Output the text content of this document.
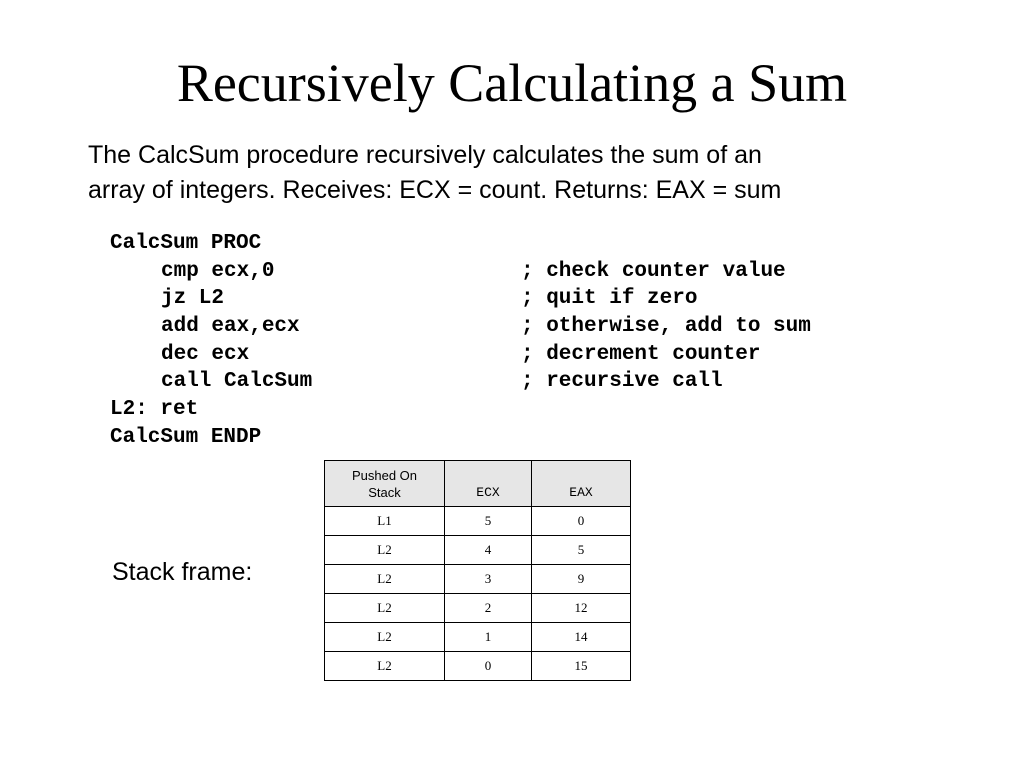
Recursively Calculating a Sum
The CalcSum procedure recursively calculates the sum of an
array of integers. Receives: ECX = count. Returns: EAX = sum

CalcSum PROC

cmp ecx,0

	; check counter value

jz L2

	; quit if zero

add eax,ecx

	; otherwise, add to sum

dec ecx

	; decrement counter

call CalcSum

	; recursive call

L2: ret

CalcSum ENDP

Stack frame:
Pushed On
Stack	ECX	EAX
L1	5	0
L2	4	5
L2	3	9
L2	2	12
L2	1	14
L2	0	15
